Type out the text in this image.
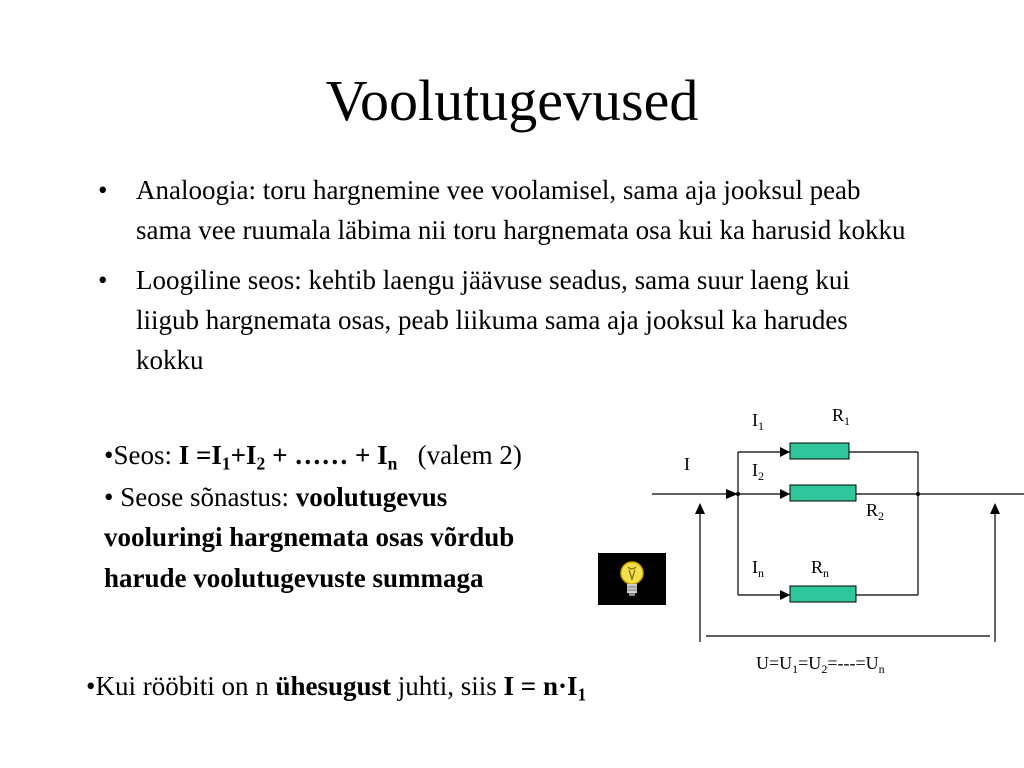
Voolutugevused
• Analoogia: toru hargnemine vee voolamisel, sama aja jooksul peab sama vee ruumala läbima nii toru hargnemata osa kui ka harusid kokku
• Loogiline seos: kehtib laengu jäävuse seadus, sama suur laeng kui liigub hargnemata osas, peab liikuma sama aja jooksul ka harudes kokku
•Seos: $I =I_1+I_2$ + …… + $I_n$ (valem 2)
• Seose sõnastus: voolutugevus
vooluringi hargnemata osas võrdub
harude voolutugevuste summaga
I
$I_1$
$I_2$
$I_n$
$R_1$
$R_2$
$R_n$
$U=U_1=U_2=---=U_n$
•Kui rööbiti on n ühesugust juhti, siis $I = n\cdot I_1$
